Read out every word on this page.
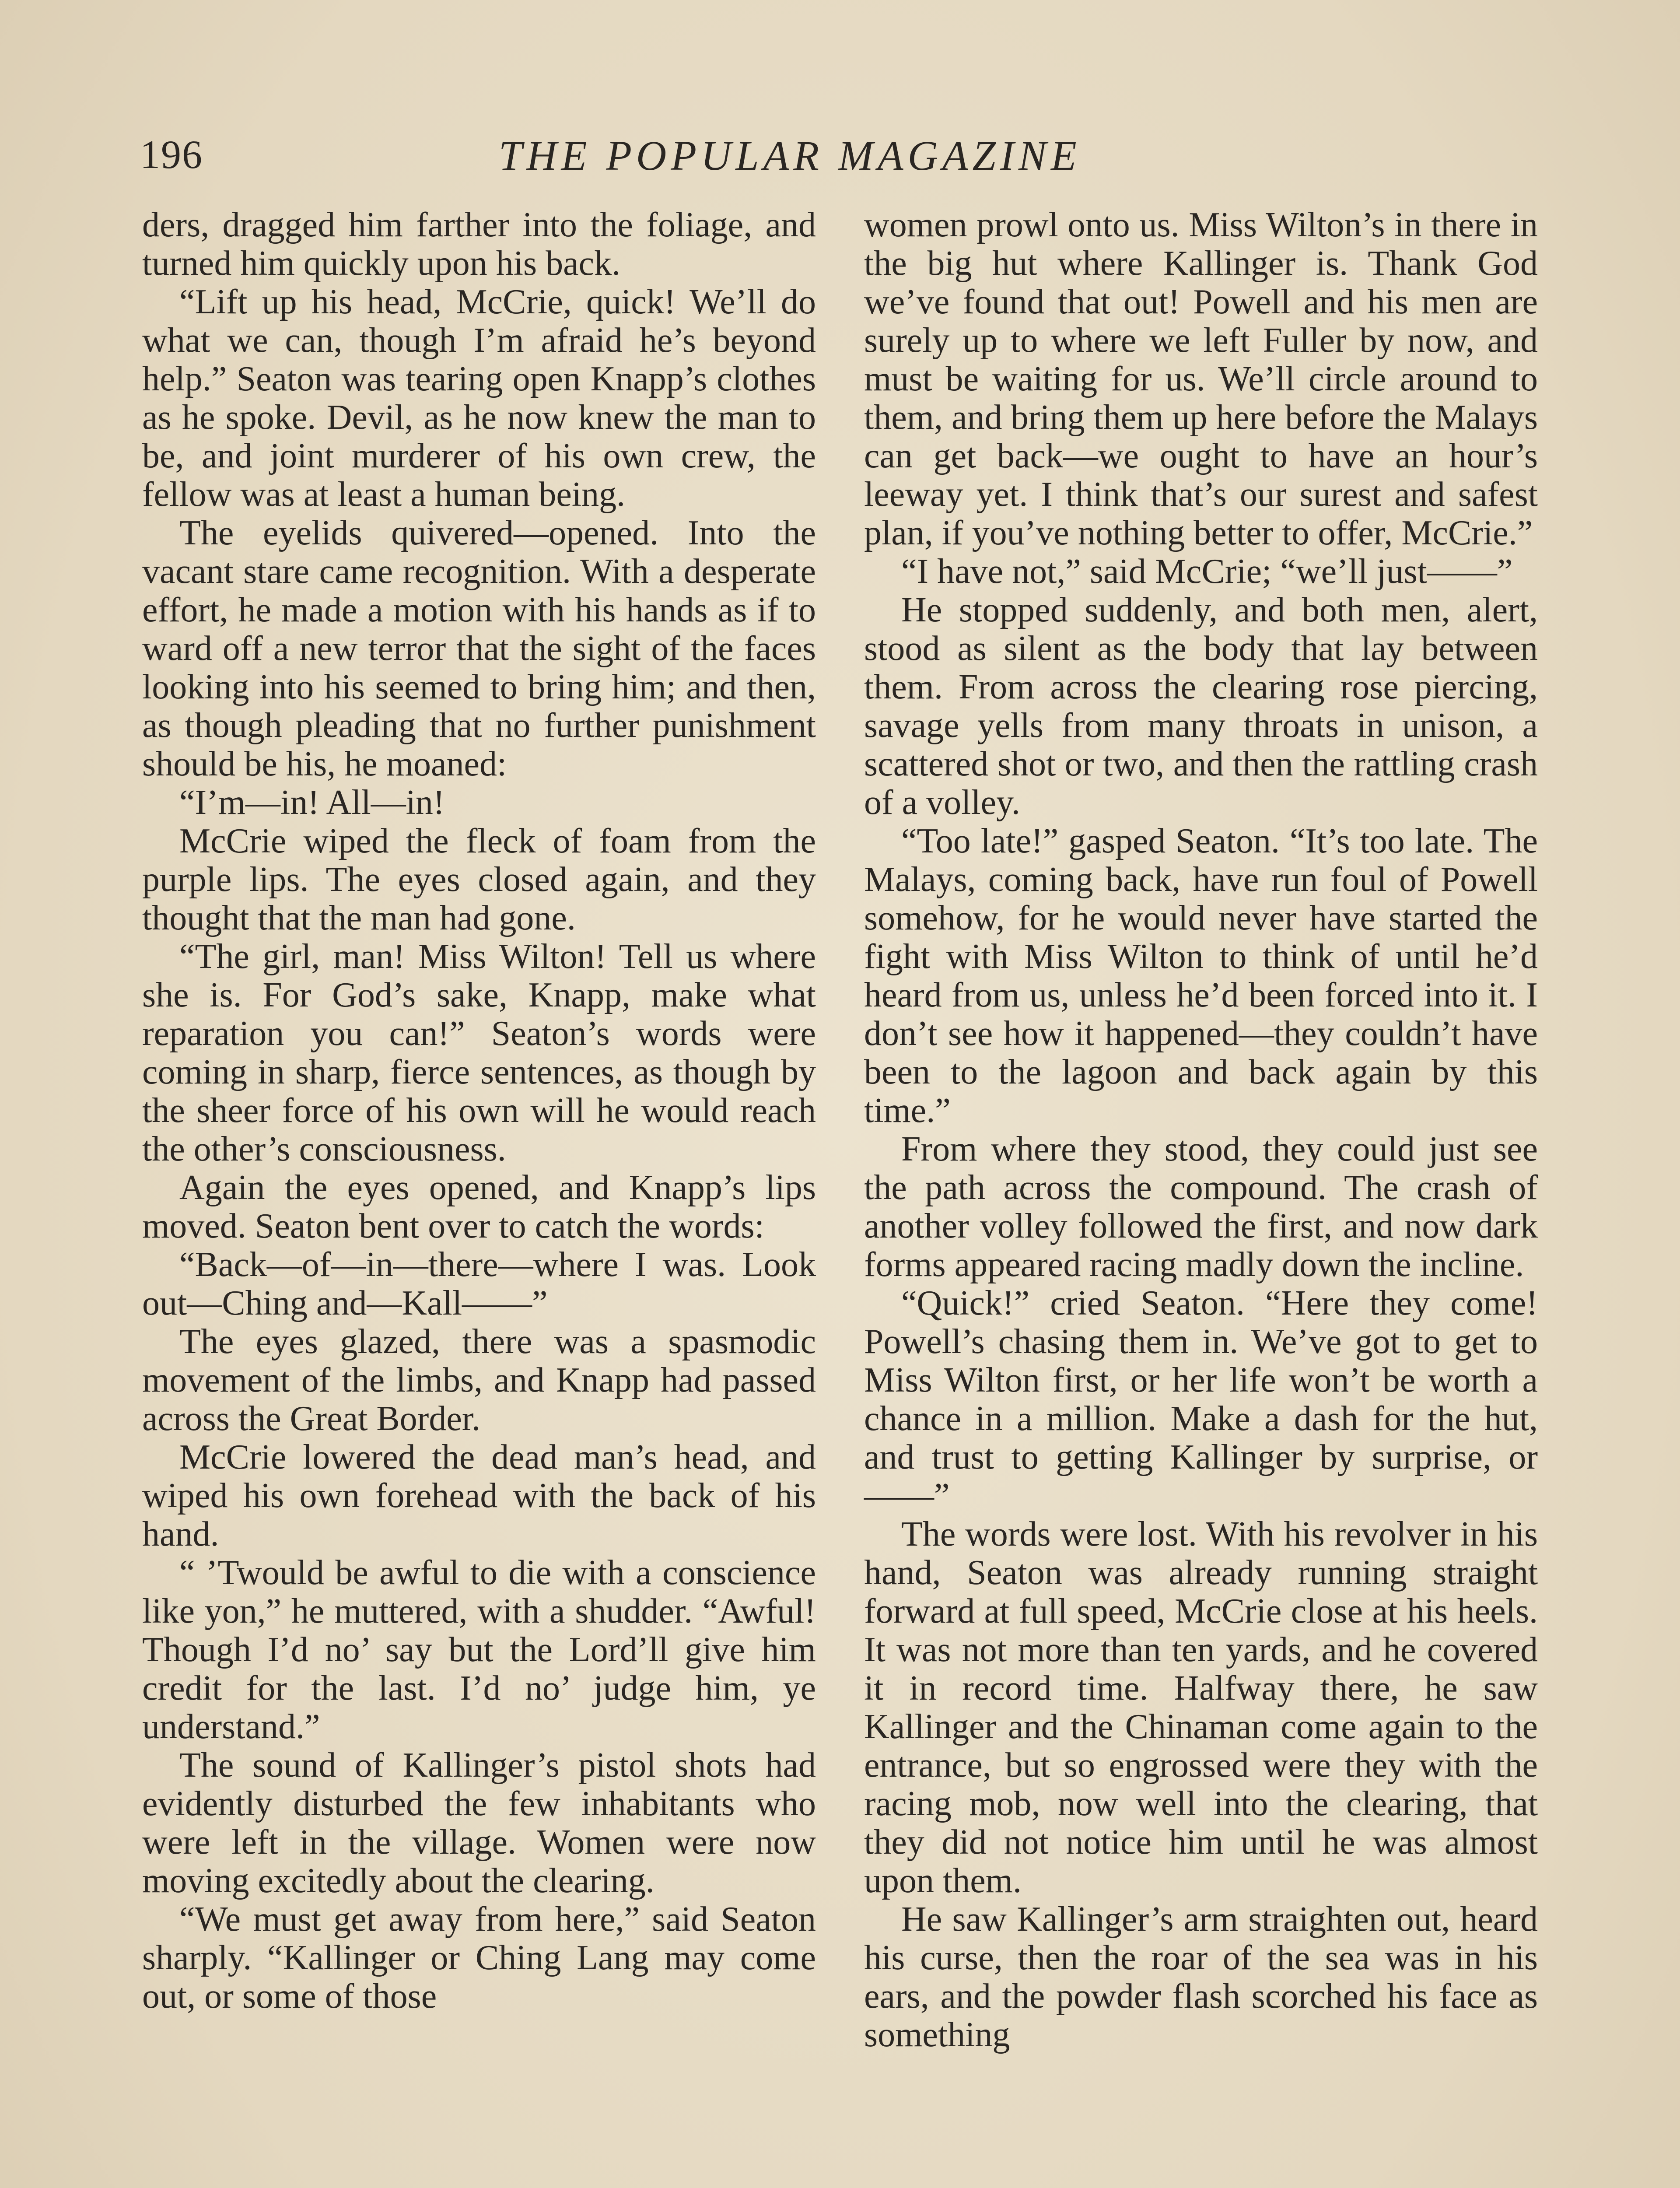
196	THE POPULAR MAGAZINE

ders, dragged him farther into the foliage, and turned him quickly upon his back.

“Lift up his head, McCrie, quick! We’ll do what we can, though I’m afraid he’s beyond help.” Seaton was tearing open Knapp’s clothes as he spoke. Devil, as he now knew the man to be, and joint murderer of his own crew, the fellow was at least a human being.

The eyelids quivered—opened. Into the vacant stare came recognition. With a desperate effort, he made a motion with his hands as if to ward off a new terror that the sight of the faces looking into his seemed to bring him; and then, as though pleading that no further punishment should be his, he moaned:

“I’m—in! All—in!

McCrie wiped the fleck of foam from the purple lips. The eyes closed again, and they thought that the man had gone.

“The girl, man! Miss Wilton! Tell us where she is. For God’s sake, Knapp, make what reparation you can!” Seaton’s words were coming in sharp, fierce sentences, as though by the sheer force of his own will he would reach the other’s consciousness.

Again the eyes opened, and Knapp’s lips moved. Seaton bent over to catch the words:

“Back—of—in—there—where I was. Look out—Ching and—Kall——”

The eyes glazed, there was a spasmodic movement of the limbs, and Knapp had passed across the Great Border.

McCrie lowered the dead man’s head, and wiped his own forehead with the back of his hand.

“ ’Twould be awful to die with a conscience like yon,” he muttered, with a shudder. “Awful! Though I’d no’ say but the Lord’ll give him credit for the last. I’d no’ judge him, ye understand.”

The sound of Kallinger’s pistol shots had evidently disturbed the few inhabitants who were left in the village. Women were now moving excitedly about the clearing.

“We must get away from here,” said Seaton sharply. “Kallinger or Ching Lang may come out, or some of those

women prowl onto us. Miss Wilton’s in there in the big hut where Kallinger is. Thank God we’ve found that out! Powell and his men are surely up to where we left Fuller by now, and must be waiting for us. We’ll circle around to them, and bring them up here before the Malays can get back—we ought to have an hour’s leeway yet. I think that’s our surest and safest plan, if you’ve nothing better to offer, McCrie.”

“I have not,” said McCrie; “we’ll just——”

He stopped suddenly, and both men, alert, stood as silent as the body that lay between them. From across the clearing rose piercing, savage yells from many throats in unison, a scattered shot or two, and then the rattling crash of a volley.

“Too late!” gasped Seaton. “It’s too late. The Malays, coming back, have run foul of Powell somehow, for he would never have started the fight with Miss Wilton to think of until he’d heard from us, unless he’d been forced into it. I don’t see how it happened—they couldn’t have been to the lagoon and back again by this time.”

From where they stood, they could just see the path across the compound. The crash of another volley followed the first, and now dark forms appeared racing madly down the incline.

“Quick!” cried Seaton. “Here they come! Powell’s chasing them in. We’ve got to get to Miss Wilton first, or her life won’t be worth a chance in a million. Make a dash for the hut, and trust to getting Kallinger by surprise, or——”

The words were lost. With his revolver in his hand, Seaton was already running straight forward at full speed, McCrie close at his heels. It was not more than ten yards, and he covered it in record time. Halfway there, he saw Kallinger and the Chinaman come again to the entrance, but so engrossed were they with the racing mob, now well into the clearing, that they did not notice him until he was almost upon them.

He saw Kallinger’s arm straighten out, heard his curse, then the roar of the sea was in his ears, and the powder flash scorched his face as something
